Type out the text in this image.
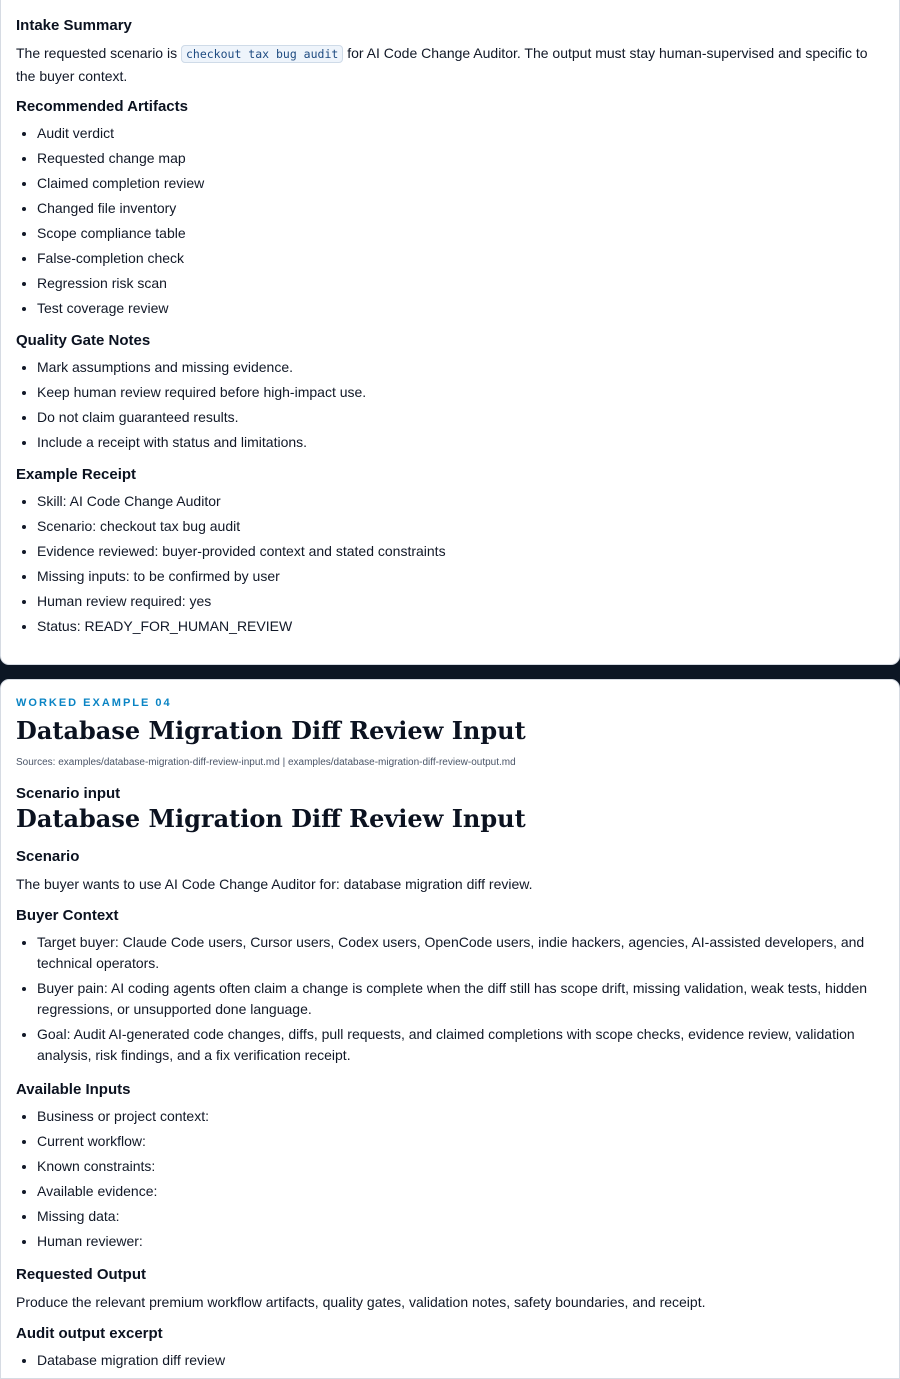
Intake Summary

The requested scenario is checkout tax bug audit for AI Code Change Auditor. The output must stay human-supervised and specific to the buyer context.

Recommended Artifacts
• Audit verdict
• Requested change map
• Claimed completion review
• Changed file inventory
• Scope compliance table
• False-completion check
• Regression risk scan
• Test coverage review
Quality Gate Notes
• Mark assumptions and missing evidence.
• Keep human review required before high-impact use.
• Do not claim guaranteed results.
• Include a receipt with status and limitations.
Example Receipt
• Skill: AI Code Change Auditor
• Scenario: checkout tax bug audit
• Evidence reviewed: buyer-provided context and stated constraints
• Missing inputs: to be confirmed by user
• Human review required: yes
• Status: READY_FOR_HUMAN_REVIEW
WORKED EXAMPLE 04
Database Migration Diff Review Input
Sources: examples/database-migration-diff-review-input.md | examples/database-migration-diff-review-output.md
Scenario input
Database Migration Diff Review Input
Scenario

The buyer wants to use AI Code Change Auditor for: database migration diff review.

Buyer Context
• Target buyer: Claude Code users, Cursor users, Codex users, OpenCode users, indie hackers, agencies, AI-assisted developers, and technical operators.
• Buyer pain: AI coding agents often claim a change is complete when the diff still has scope drift, missing validation, weak tests, hidden regressions, or unsupported done language.
• Goal: Audit AI-generated code changes, diffs, pull requests, and claimed completions with scope checks, evidence review, validation analysis, risk findings, and a fix verification receipt.
Available Inputs
• Business or project context:
• Current workflow:
• Known constraints:
• Available evidence:
• Missing data:
• Human reviewer:
Requested Output

Produce the relevant premium workflow artifacts, quality gates, validation notes, safety boundaries, and receipt.

Audit output excerpt
• Database migration diff review
